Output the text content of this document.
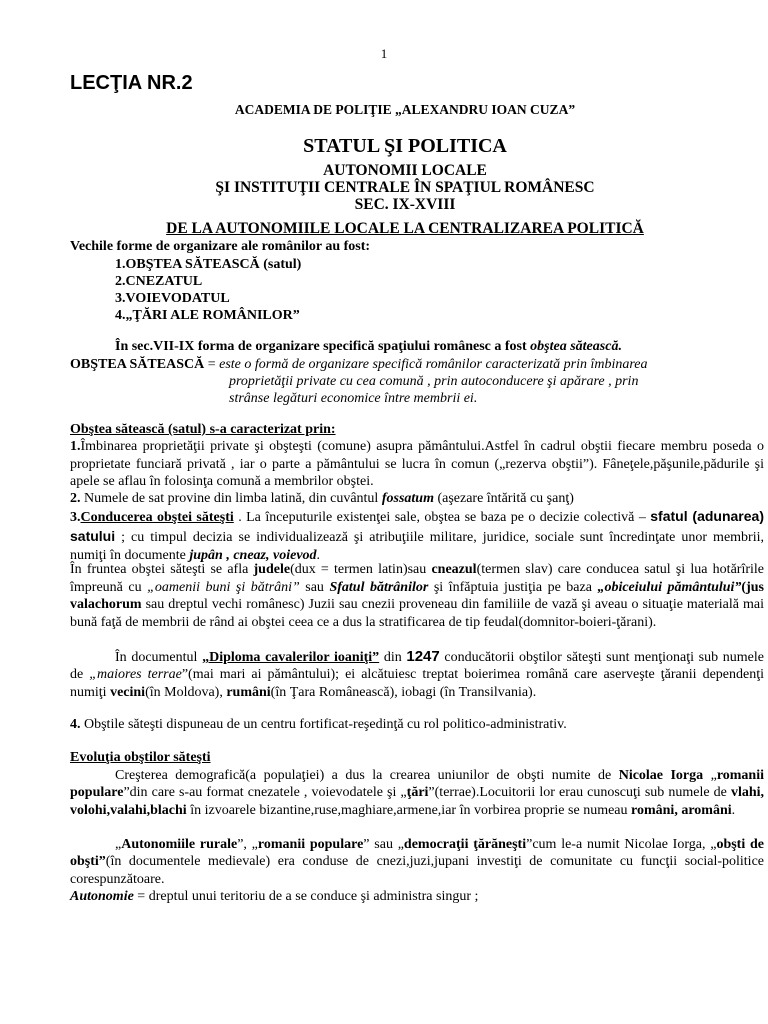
1
LECŢIA NR.2
ACADEMIA DE POLIŢIE „ALEXANDRU IOAN CUZA”
STATUL ŞI POLITICA
AUTONOMII LOCALE
ŞI INSTITUŢII CENTRALE ÎN SPAŢIUL ROMÂNESC
SEC. IX-XVIII
DE LA AUTONOMIILE LOCALE LA CENTRALIZAREA POLITICĂ
Vechile forme de organizare ale românilor au fost:
1.OBŞTEA SĂTEASCĂ (satul)
2.CNEZATUL
3.VOIEVODATUL
4.„ŢĂRI ALE ROMÂNILOR”
În sec.VII-IX forma de organizare specifică spaţiului românesc a fost obştea sătească.
OBŞTEA SĂTEASCĂ = este o formă de organizare specifică românilor caracterizată prin îmbinarea
proprietăţii private cu cea comună , prin autoconducere şi apărare , prin
strânse legături economice între membrii ei.
Obştea sătească (satul) s-a caracterizat prin:
1.Îmbinarea proprietăţii private şi obşteşti (comune) asupra pământului.Astfel în cadrul obştii fiecare membru poseda o proprietate funciară privată , iar o parte a pământului se lucra în comun („rezerva obştii”). Fâneţele,păşunile,pădurile şi apele se aflau în folosinţa comună a membrilor obştei.
2. Numele de sat provine din limba latină, din cuvântul fossatum (aşezare întărită cu şanţ)
3.Conducerea obştei săteşti . La începuturile existenţei sale, obştea se baza pe o decizie colectivă – sfatul (adunarea) satului ; cu timpul decizia se individualizează şi atribuţiile militare, juridice, sociale sunt încredinţate unor membrii, numiţi în documente jupân , cneaz, voievod.
În fruntea obştei săteşti se afla judele(dux = termen latin)sau cneazul(termen slav) care conducea satul şi lua hotărîrile împreună cu „oamenii buni şi bătrâni” sau Sfatul bătrânilor şi înfăptuia justiţia pe baza „obiceiului pământului”(jus valachorum sau dreptul vechi românesc) Juzii sau cnezii proveneau din familiile de vază şi aveau o situaţie materială mai bună faţă de membrii de rând ai obştei ceea ce a dus la stratificarea de tip feudal(domnitor-boieri-ţărani).
În documentul „Diploma cavalerilor ioaniţi” din 1247 conducătorii obştilor săteşti sunt menţionaţi sub numele de „maiores terrae”(mai mari ai pământului); ei alcătuiesc treptat boierimea română care aserveşte ţăranii dependenţi numiţi vecini(în Moldova), rumâni(în Ţara Românească), iobagi (în Transilvania).
4. Obştile săteşti dispuneau de un centru fortificat-reşedinţă cu rol politico-administrativ.
Evoluţia obştilor săteşti
Creşterea demografică(a populaţiei) a dus la crearea uniunilor de obşti numite de Nicolae Iorga „romanii populare”din care s-au format cnezatele , voievodatele şi „ţări”(terrae).Locuitorii lor erau cunoscuţi sub numele de vlahi, volohi,valahi,blachi în izvoarele bizantine,ruse,maghiare,armene,iar în vorbirea proprie se numeau români, aromâni.
„Autonomiile rurale”, „romanii populare” sau „democraţii ţărăneşti”cum le-a numit Nicolae Iorga, „obşti de obşti”(în documentele medievale) era conduse de cnezi,juzi,jupani investiţi de comunitate cu funcţii social-politice corespunzătoare.
Autonomie = dreptul unui teritoriu de a se conduce şi administra singur ;
